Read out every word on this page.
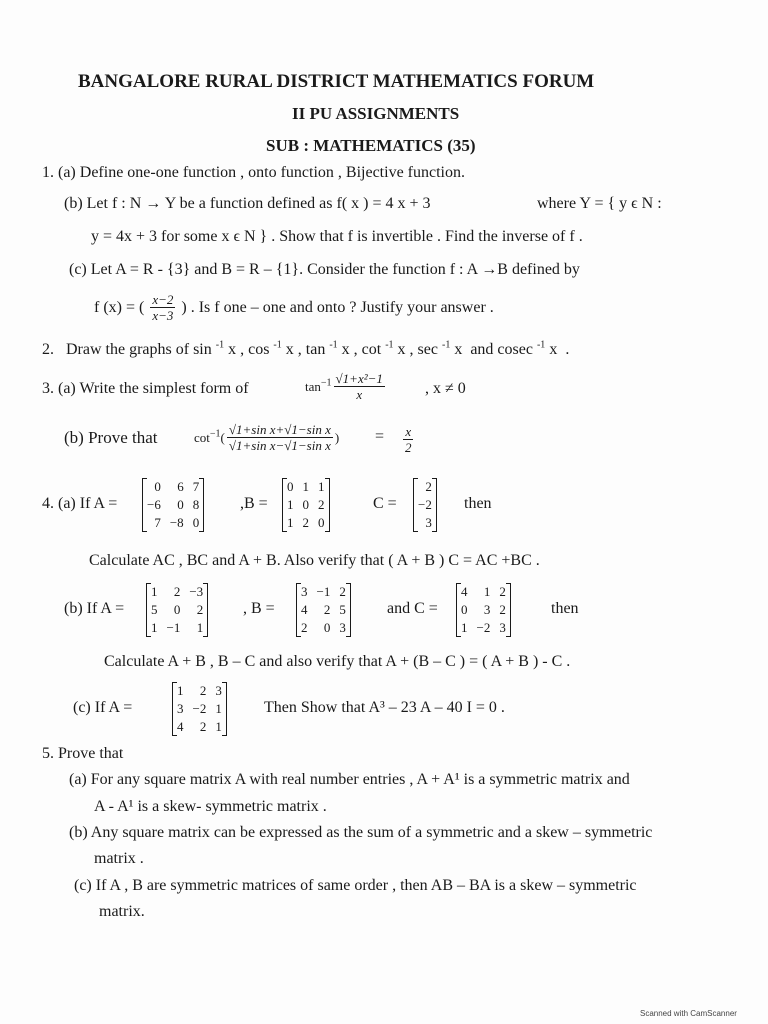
BANGALORE RURAL DISTRICT MATHEMATICS FORUM
II PU ASSIGNMENTS
SUB : MATHEMATICS (35)
1. (a) Define one-one function , onto function , Bijective function.
(b) Let f : N → Y be a function defined as f( x ) = 4 x + 3	where Y = { y ϵ N :
y = 4x + 3 for some x ϵ N } . Show that f is invertible . Find the inverse of f .
(c) Let A = R - {3} and B = R – {1}. Consider the function f : A →B defined by
f (x) = ( $\frac{x-2}{x-3}$ ) . Is f one – one and onto ? Justify your answer .
2.   Draw the graphs of sin $^{-1}$ x , cos $^{-1}$ x , tan $^{-1}$ x , cot $^{-1}$ x , sec $^{-1}$ x  and cosec $^{-1}$ x  .
3. (a) Write the simplest form of	$\tan^{-1} \frac{\text{√1+x²−1}}{x}$	, x ≠ 0
(b) Prove that	$\cot^{-1}( \frac{\text{√1+sin x+√1−sin x}}{\text{√1+sin x−√1−sin x}}$ ) = $\frac{x}{2}$
4. (a) If A =
0	6 7
−6	0 8
7 −8 0
,B =
0 1 1
1 0 2
1 2 0
C =
2
−2
3
then
Calculate AC , BC and A + B. Also verify that ( A + B ) C = AC +BC .
(b) If A =
1	2 −3
5	0	2
1 −1	1
, B =
3 −1 2
4	2 5
2	0 3
and C =
4	1 2
0	3 2
1 −2 3
then
Calculate A + B , B – C and also verify that A + (B – C ) = ( A + B ) - C .
(c) If A =
1	2 3
3 −2 1
4	2 1
Then Show that A³ – 23 A – 40 I = 0 .
5. Prove that
(a) For any square matrix A with real number entries , A + A¹ is a symmetric matrix and
A - A¹ is a skew- symmetric matrix .
(b) Any square matrix can be expressed as the sum of a symmetric and a skew – symmetric
matrix .
(c) If A , B are symmetric matrices of same order , then AB – BA is a skew – symmetric
matrix.
Scanned with CamScanner
